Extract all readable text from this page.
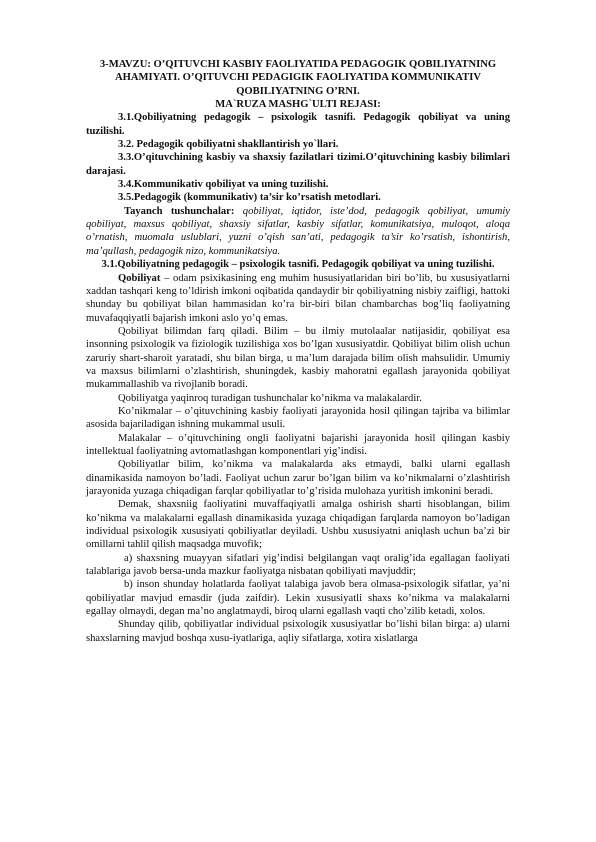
3-MAVZU: O’QITUVCHI KASBIY FAOLIYATIDA PEDAGOGIK QOBILIYATNING AHAMIYATI. O’QITUVCHI PEDAGIGIK FAOLIYATIDA KOMMUNIKATIV QOBILIYATNING O’RNI.
MA`RUZA MASHG`ULTI REJASI:

3.1.Qobiliyatning pedagogik – psixologik tasnifi. Pedagogik qobiliyat va uning tuzilishi.

3.2. Pedagogik qobiliyatni shakllantirish yo`llari.

3.3.O’qituvchining kasbiy va shaxsiy fazilatlari tizimi.O’qituvchining kasbiy bilimlari darajasi.

3.4.Kommunikativ qobiliyat va uning tuzilishi.

3.5.Pedagogik (kommunikativ) ta’sir ko’rsatish metodlari.

Tayanch tushunchalar: qobiliyat, iqtidor, iste’dod, pedagogik qobiliyat, umumiy qobiliyat, maxsus qobiliyat, shaxsiy sifatlar, kasbiy sifatlar, komunikatsiya, muloqot, aloqa o’rnatish, muomala uslublari, yuzni o’qish san’ati, pedagogik ta’sir ko’rsatish, ishontirish, ma’qullash, pedagogik nizo, kommunikatsiya.

3.1.Qobiliyatning pedagogik – psixologik tasnifi. Pedagogik qobiliyat va uning tuzilishi.

Qobiliyat – odam psixikasining eng muhim hususiyatlaridan biri bo’lib, bu xususiyatlarni xaddan tashqari keng to’ldirish imkoni oqibatida qandaydir bir qobiliyatning nisbiy zaifligi, hattoki shunday bu qobiliyat bilan hammasidan ko’ra bir-biri bilan chambarchas bog’liq faoliyatning muvafaqqiyatli bajarish imkoni aslo yo’q emas.

Qobiliyat bilimdan farq qiladi. Bilim – bu ilmiy mutolaalar natijasidir, qobiliyat esa insonning psixologik va fiziologik tuzilishiga xos bo’lgan xususiyatdir. Qobiliyat bilim olish uchun zaruriy shart-sharoit yaratadi, shu bilan birga, u ma’lum darajada bilim olish mahsulidir. Umumiy va maxsus bilimlarni o’zlashtirish, shuningdek, kasbiy mahoratni egallash jarayonida qobiliyat mukammallashib va rivojlanib boradi.

Qobiliyatga yaqinroq turadigan tushunchalar ko’nikma va malakalardir.

Ko’nikmalar – o’qituvchining kasbiy faoliyati jarayonida hosil qilingan tajriba va bilimlar asosida bajariladigan ishning mukammal usuli.

Malakalar – o’qituvchining ongli faoliyatni bajarishi jarayonida hosil qilingan kasbiy intellektual faoliyatning avtomatlashgan komponentlari yig’indisi.

Qobiliyatlar bilim, ko’nikma va malakalarda aks etmaydi, balki ularni egallash dinamikasida namoyon bo’ladi. Faoliyat uchun zarur bo’lgan bilim va ko’nikmalarni o’zlashtirish jarayonida yuzaga chiqadigan farqlar qobiliyatlar to’g’risida mulohaza yuritish imkonini beradi.

Demak, shaxsniig faoliyatini muvaffaqiyatli amalga oshirish sharti hisoblangan, bilim ko’nikma va malakalarni egallash dinamikasida yuzaga chiqadigan farqlarda namoyon bo’ladigan individual psixologik xususiyati qobiliyatlar deyiladi. Ushbu xususiyatni aniqlash uchun ba’zi bir omillarni tahlil qilish maqsadga muvofik;

a) shaxsning muayyan sifatlari yig’indisi belgilangan vaqt oralig’ida egallagan faoliyati talablariga javob bersa-unda mazkur faoliyatga nisbatan qobiliyati mavjuddir;

b) inson shunday holatlarda faoliyat talabiga javob bera olmasa-psixologik sifatlar, ya’ni qobiliyatlar mavjud emasdir (juda zaifdir). Lekin xususiyatli shaxs ko’nikma va malakalarni egallay olmaydi, degan ma’no anglatmaydi, biroq ularni egallash vaqti cho’zilib ketadi, xolos.

Shunday qilib, qobiliyatlar individual psixologik xususiyatlar bo’lishi bilan birga: a) ularni shaxslarning mavjud boshqa xusu-iyatlariga, aqliy sifatlarga, xotira xislatlarga
